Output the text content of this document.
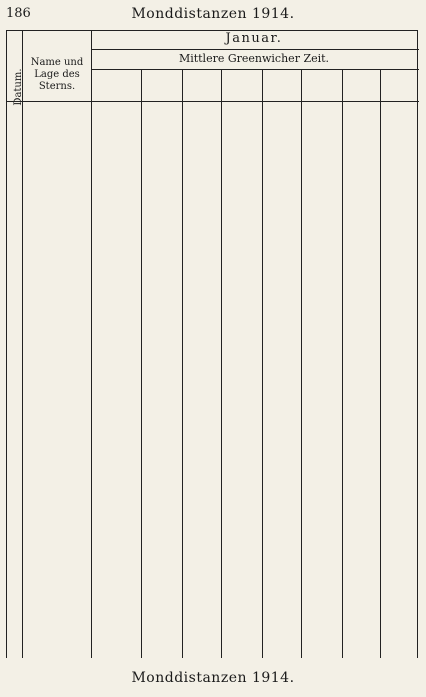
186	Monddistanzen 1914.
Datum.
Name und Lage des Sterns.
Januar.
Mittlere Greenwicher Zeit.
Monddistanzen 1914.
